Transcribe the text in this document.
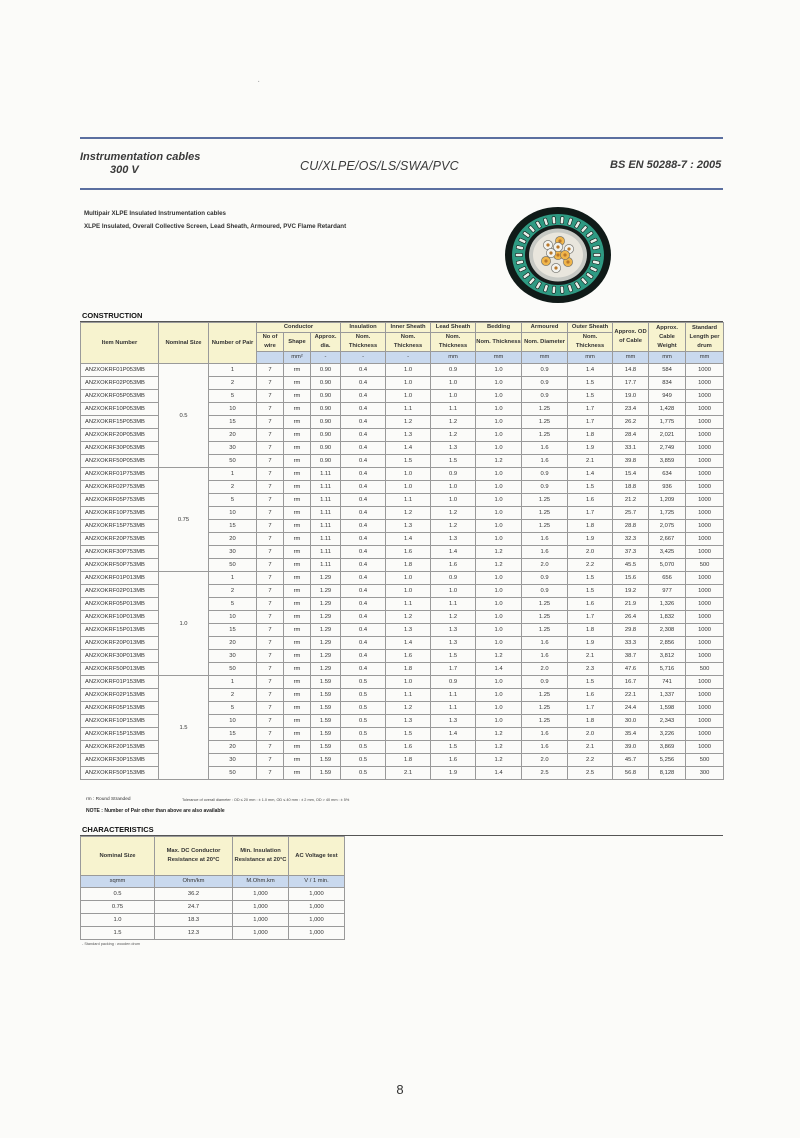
Instrumentation cables
300 V	CU/XLPE/OS/LS/SWA/PVC	BS EN 50288-7 : 2005
Multipair XLPE Insulated Instrumentation cables
XLPE Insulated, Overall Collective Screen, Lead Sheath, Armoured, PVC Flame Retardant
·
CONSTRUCTION
Item Number	Nominal Size	Number of Pair	Conductor			Insulation	Inner Sheath	Lead Sheath	Bedding	Armoured	Outer Sheath	Approx. OD of Cable	Approx. Cable Weight	Standard Length per drum	
			No of wire	Shape	Approx. dia.	Nom. Thickness	Nom. Thickness	Nom. Thickness	Nom. Thickness	Nom. Diameter	Nom. Thickness				
				mm²	-	-	-	mm	mm	mm	mm	mm	mm	mm			
AN2XOKRF01P053MB	0.5	1	7	rm	0.90	0.4	1.0	0.9	1.0	0.9	1.4	14.8	584	1000	
AN2XOKRF02P053MB		2	7	rm	0.90	0.4	1.0	1.0	1.0	0.9	1.5	17.7	834	1000	
AN2XOKRF05P053MB		5	7	rm	0.90	0.4	1.0	1.0	1.0	0.9	1.5	19.0	949	1000	
AN2XOKRF10P053MB		10	7	rm	0.90	0.4	1.1	1.1	1.0	1.25	1.7	23.4	1,428	1000	
AN2XOKRF15P053MB		15	7	rm	0.90	0.4	1.2	1.2	1.0	1.25	1.7	26.2	1,775	1000	
AN2XOKRF20P053MB		20	7	rm	0.90	0.4	1.3	1.2	1.0	1.25	1.8	28.4	2,021	1000	
AN2XOKRF30P053MB		30	7	rm	0.90	0.4	1.4	1.3	1.0	1.6	1.9	33.1	2,749	1000	
AN2XOKRF50P053MB		50	7	rm	0.90	0.4	1.5	1.5	1.2	1.6	2.1	39.8	3,859	1000	
AN2XOKRF01P753MB	0.75	1	7	rm	1.11	0.4	1.0	0.9	1.0	0.9	1.4	15.4	634	1000	
AN2XOKRF02P753MB		2	7	rm	1.11	0.4	1.0	1.0	1.0	0.9	1.5	18.8	936	1000	
AN2XOKRF05P753MB		5	7	rm	1.11	0.4	1.1	1.0	1.0	1.25	1.6	21.2	1,209	1000	
AN2XOKRF10P753MB		10	7	rm	1.11	0.4	1.2	1.2	1.0	1.25	1.7	25.7	1,725	1000	
AN2XOKRF15P753MB		15	7	rm	1.11	0.4	1.3	1.2	1.0	1.25	1.8	28.8	2,075	1000	
AN2XOKRF20P753MB		20	7	rm	1.11	0.4	1.4	1.3	1.0	1.6	1.9	32.3	2,667	1000	
AN2XOKRF30P753MB		30	7	rm	1.11	0.4	1.6	1.4	1.2	1.6	2.0	37.3	3,425	1000	
AN2XOKRF50P753MB		50	7	rm	1.11	0.4	1.8	1.6	1.2	2.0	2.2	45.5	5,070	500	
AN2XOKRF01P013MB	1.0	1	7	rm	1.29	0.4	1.0	0.9	1.0	0.9	1.5	15.6	656	1000	
AN2XOKRF02P013MB		2	7	rm	1.29	0.4	1.0	1.0	1.0	0.9	1.5	19.2	977	1000	
AN2XOKRF05P013MB		5	7	rm	1.29	0.4	1.1	1.1	1.0	1.25	1.6	21.9	1,326	1000	
AN2XOKRF10P013MB		10	7	rm	1.29	0.4	1.2	1.2	1.0	1.25	1.7	26.4	1,832	1000	
AN2XOKRF15P013MB		15	7	rm	1.29	0.4	1.3	1.3	1.0	1.25	1.8	29.8	2,308	1000	
AN2XOKRF20P013MB		20	7	rm	1.29	0.4	1.4	1.3	1.0	1.6	1.9	33.3	2,856	1000	
AN2XOKRF30P013MB		30	7	rm	1.29	0.4	1.6	1.5	1.2	1.6	2.1	38.7	3,812	1000	
AN2XOKRF50P013MB		50	7	rm	1.29	0.4	1.8	1.7	1.4	2.0	2.3	47.6	5,716	500	
AN2XOKRF01P153MB	1.5	1	7	rm	1.59	0.5	1.0	0.9	1.0	0.9	1.5	16.7	741	1000	
AN2XOKRF02P153MB		2	7	rm	1.59	0.5	1.1	1.1	1.0	1.25	1.6	22.1	1,337	1000	
AN2XOKRF05P153MB		5	7	rm	1.59	0.5	1.2	1.1	1.0	1.25	1.7	24.4	1,598	1000	
AN2XOKRF10P153MB		10	7	rm	1.59	0.5	1.3	1.3	1.0	1.25	1.8	30.0	2,343	1000	
AN2XOKRF15P153MB		15	7	rm	1.59	0.5	1.5	1.4	1.2	1.6	2.0	35.4	3,226	1000	
AN2XOKRF20P153MB		20	7	rm	1.59	0.5	1.6	1.5	1.2	1.6	2.1	39.0	3,869	1000	
AN2XOKRF30P153MB		30	7	rm	1.59	0.5	1.8	1.6	1.2	2.0	2.2	45.7	5,256	500	
AN2XOKRF50P153MB		50	7	rm	1.59	0.5	2.1	1.9	1.4	2.5	2.5	56.8	8,128	300	
rm : Round Stranded	Tolerance of overall diameter : OD ≤ 20 mm : ± 1.0 mm, OD ≤ 40 mm : ± 2 mm, OD > 40 mm : ± 5%
NOTE : Number of Pair other than above are also available
CHARACTERISTICS
Nominal Size	Max. DC Conductor Resistance at 20°C	Min. Insulation Resistance at 20°C	AC Voltage test
sqmm	Ohm/km	M.Ohm.km	V / 1 min.
0.5	36.2	1,000	1,000
0.75	24.7	1,000	1,000
1.0	18.3	1,000	1,000
1.5	12.3	1,000	1,000
- Standard packing : wooden drum
8
